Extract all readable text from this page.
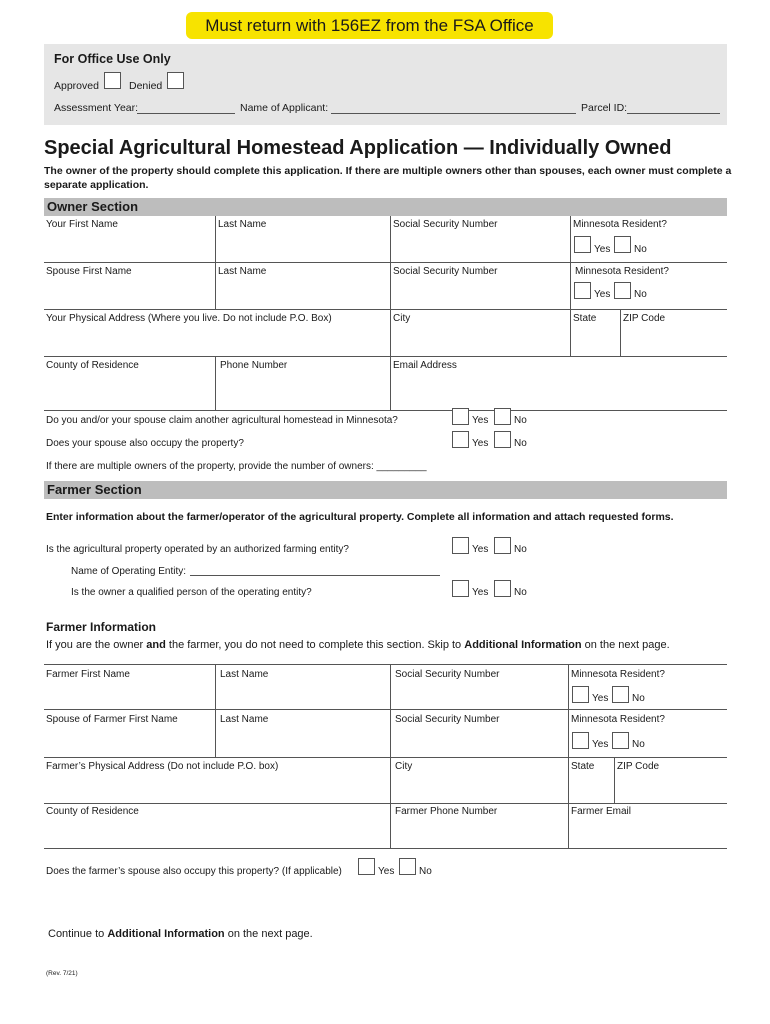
Must return with 156EZ from the FSA Office
For Office Use Only
Approved	Denied
Assessment Year:	Name of Applicant:	Parcel ID:
Special Agricultural Homestead Application — Individually Owned
The owner of the property should complete this application. If there are multiple owners other than spouses, each owner must complete a separate application.
Owner Section
Your First Name	Last Name	Social Security Number	Minnesota Resident?
Yes No
Spouse First Name	Last Name	Social Security Number	Minnesota Resident?
Yes No
Your Physical Address (Where you live. Do not include P.O. Box)	City	State	ZIP Code
County of Residence	Phone Number	Email Address
Do you and/or your spouse claim another agricultural homestead in Minnesota?	Yes	No
Does your spouse also occupy the property?	Yes	No
If there are multiple owners of the property, provide the number of owners: _________
Farmer Section
Enter information about the farmer/operator of the agricultural property. Complete all information and attach requested forms.
Is the agricultural property operated by an authorized farming entity?	Yes	No
Name of Operating Entity:
Is the owner a qualified person of the operating entity?	Yes	No
Farmer Information
If you are the owner and the farmer, you do not need to complete this section. Skip to Additional Information on the next page.
Farmer First Name	Last Name	Social Security Number	Minnesota Resident?
Yes No
Spouse of Farmer First Name	Last Name	Social Security Number	Minnesota Resident?
Yes No
Farmer’s Physical Address (Do not include P.O. box)	City	State ZIP Code
County of Residence	Farmer Phone Number	Farmer Email
Does the farmer’s spouse also occupy this property? (If applicable)	Yes No
Continue to Additional Information on the next page.
(Rev. 7/21)
